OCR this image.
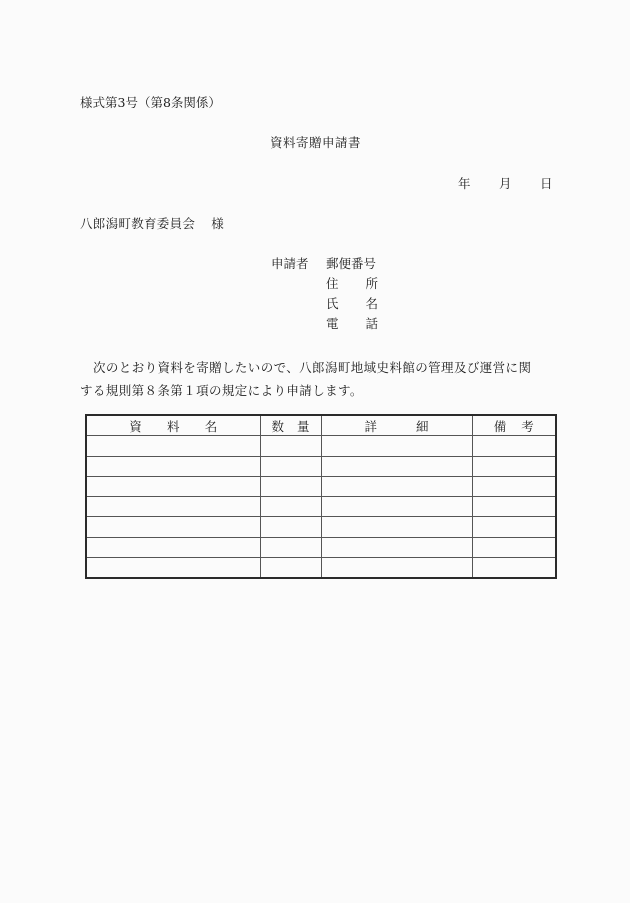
様式第3号（第8条関係）
資料寄贈申請書
年 月 日
八郎潟町教育委員会 様
申請者 郵便番号
住 所
氏 名
電 話

次のとおり資料を寄贈したいので、八郎潟町地域史料館の管理及び運営に関

する規則第８条第１項の規定により申請します。

資 料 名	数 量	詳 細	備 考
